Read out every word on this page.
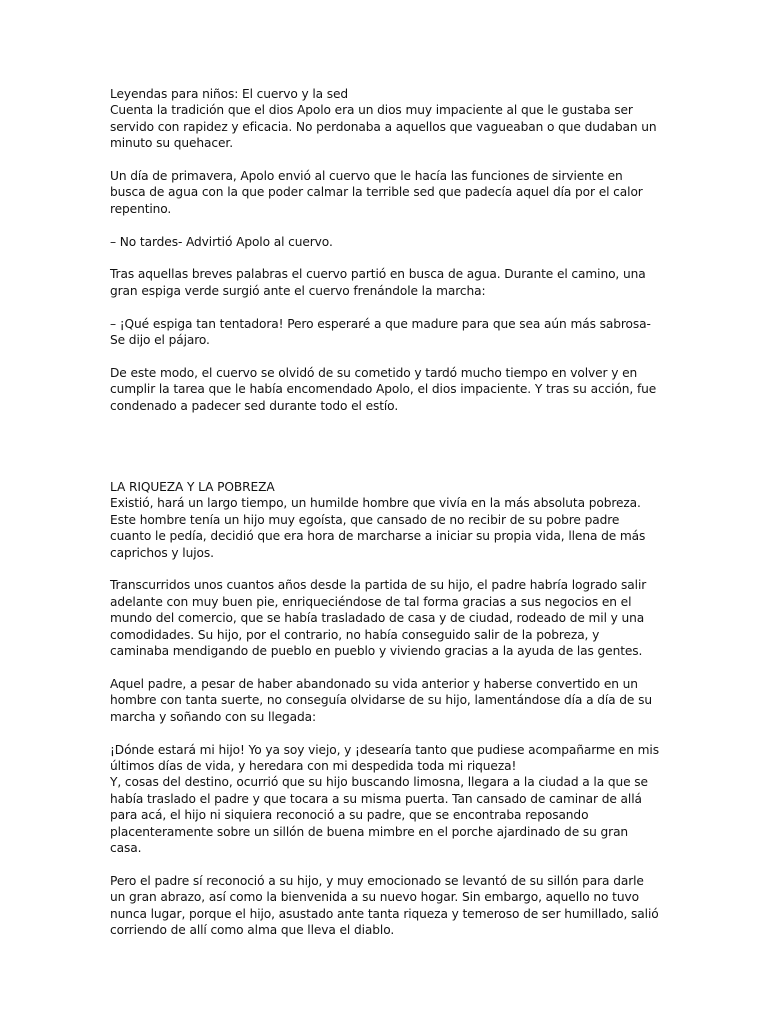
Leyendas para niños: El cuervo y la sed
Cuenta la tradición que el dios Apolo era un dios muy impaciente al que le gustaba ser servido con rapidez y eficacia. No perdonaba a aquellos que vagueaban o que dudaban un minuto su quehacer.
Un día de primavera, Apolo envió al cuervo que le hacía las funciones de sirviente en busca de agua con la que poder calmar la terrible sed que padecía aquel día por el calor repentino.
– No tardes- Advirtió Apolo al cuervo.
Tras aquellas breves palabras el cuervo partió en busca de agua. Durante el camino, una gran espiga verde surgió ante el cuervo frenándole la marcha:
– ¡Qué espiga tan tentadora! Pero esperaré a que madure para que sea aún más sabrosa- Se dijo el pájaro.
De este modo, el cuervo se olvidó de su cometido y tardó mucho tiempo en volver y en cumplir la tarea que le había encomendado Apolo, el dios impaciente. Y tras su acción, fue condenado a padecer sed durante todo el estío.
LA RIQUEZA Y LA POBREZA
Existió, hará un largo tiempo, un humilde hombre que vivía en la más absoluta pobreza. Este hombre tenía un hijo muy egoísta, que cansado de no recibir de su pobre padre cuanto le pedía, decidió que era hora de marcharse a iniciar su propia vida, llena de más caprichos y lujos.
Transcurridos unos cuantos años desde la partida de su hijo, el padre habría logrado salir adelante con muy buen pie, enriqueciéndose de tal forma gracias a sus negocios en el mundo del comercio, que se había trasladado de casa y de ciudad, rodeado de mil y una comodidades. Su hijo, por el contrario, no había conseguido salir de la pobreza, y caminaba mendigando de pueblo en pueblo y viviendo gracias a la ayuda de las gentes.
Aquel padre, a pesar de haber abandonado su vida anterior y haberse convertido en un hombre con tanta suerte, no conseguía olvidarse de su hijo, lamentándose día a día de su marcha y soñando con su llegada:
¡Dónde estará mi hijo! Yo ya soy viejo, y ¡desearía tanto que pudiese acompañarme en mis últimos días de vida, y heredara con mi despedida toda mi riqueza!
Y, cosas del destino, ocurrió que su hijo buscando limosna, llegara a la ciudad a la que se había traslado el padre y que tocara a su misma puerta. Tan cansado de caminar de allá para acá, el hijo ni siquiera reconoció a su padre, que se encontraba reposando placenteramente sobre un sillón de buena mimbre en el porche ajardinado de su gran casa.
Pero el padre sí reconoció a su hijo, y muy emocionado se levantó de su sillón para darle un gran abrazo, así como la bienvenida a su nuevo hogar. Sin embargo, aquello no tuvo nunca lugar, porque el hijo, asustado ante tanta riqueza y temeroso de ser humillado, salió corriendo de allí como alma que lleva el diablo.
